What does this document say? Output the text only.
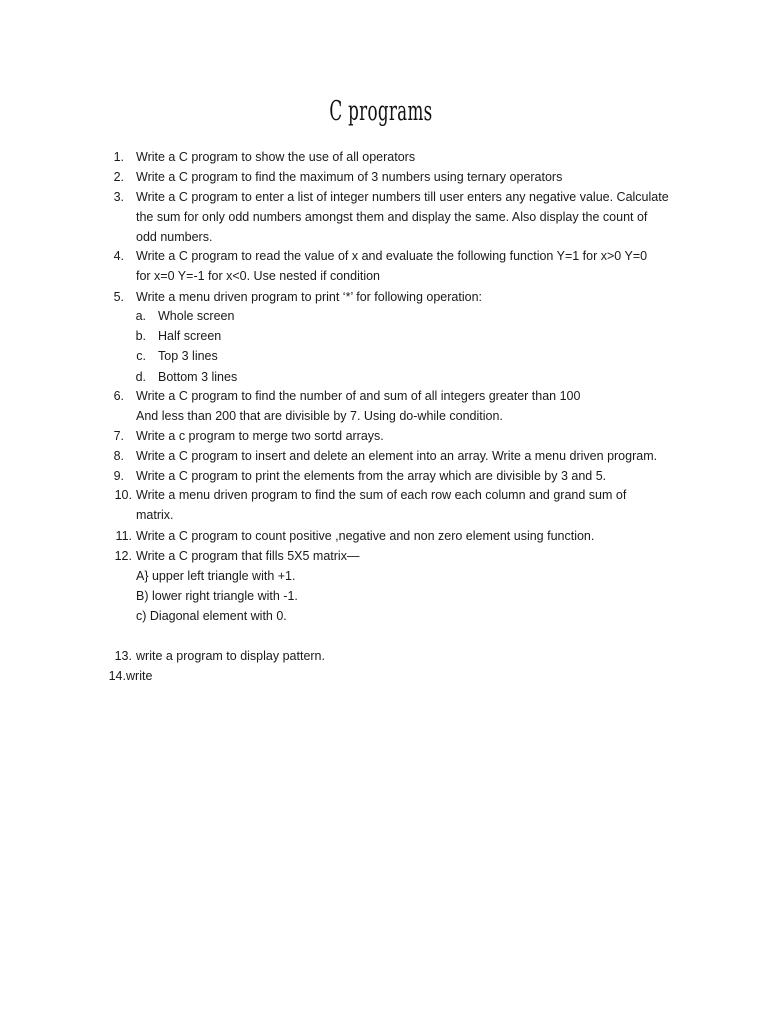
C programs
1. Write a C program to show the use of all operators
2. Write a C program to find the maximum of 3 numbers using ternary operators
3. Write a C program to enter a list of integer numbers till user enters any negative value. Calculate
the sum for only odd numbers amongst them and display the same. Also display the count of
odd numbers.
4. Write a C program to read the value of x and evaluate the following function Y=1 for x>0 Y=0
for x=0 Y=-1 for x<0. Use nested if condition
5. Write a menu driven program to print ‘*’ for following operation:
a. Whole screen
b. Half screen
c. Top 3 lines
d. Bottom 3 lines
6. Write a C program to find the number of and sum of all integers greater than 100
And less than 200 that are divisible by 7. Using do-while condition.
7. Write a c program to merge two sortd arrays.
8. Write a C program to insert and delete an element into an array. Write a menu driven program.
9. Write a C program to print the elements from the array which are divisible by 3 and 5.
10. Write a menu driven program to find the sum of each row each column and grand sum of
matrix.
11. Write a C program to count positive ,negative and non zero element using function.
12. Write a C program that fills 5X5 matrix—
A} upper left triangle with +1.
B) lower right triangle with -1.
c) Diagonal element with 0.
13. write a program to display pattern.
14. write
